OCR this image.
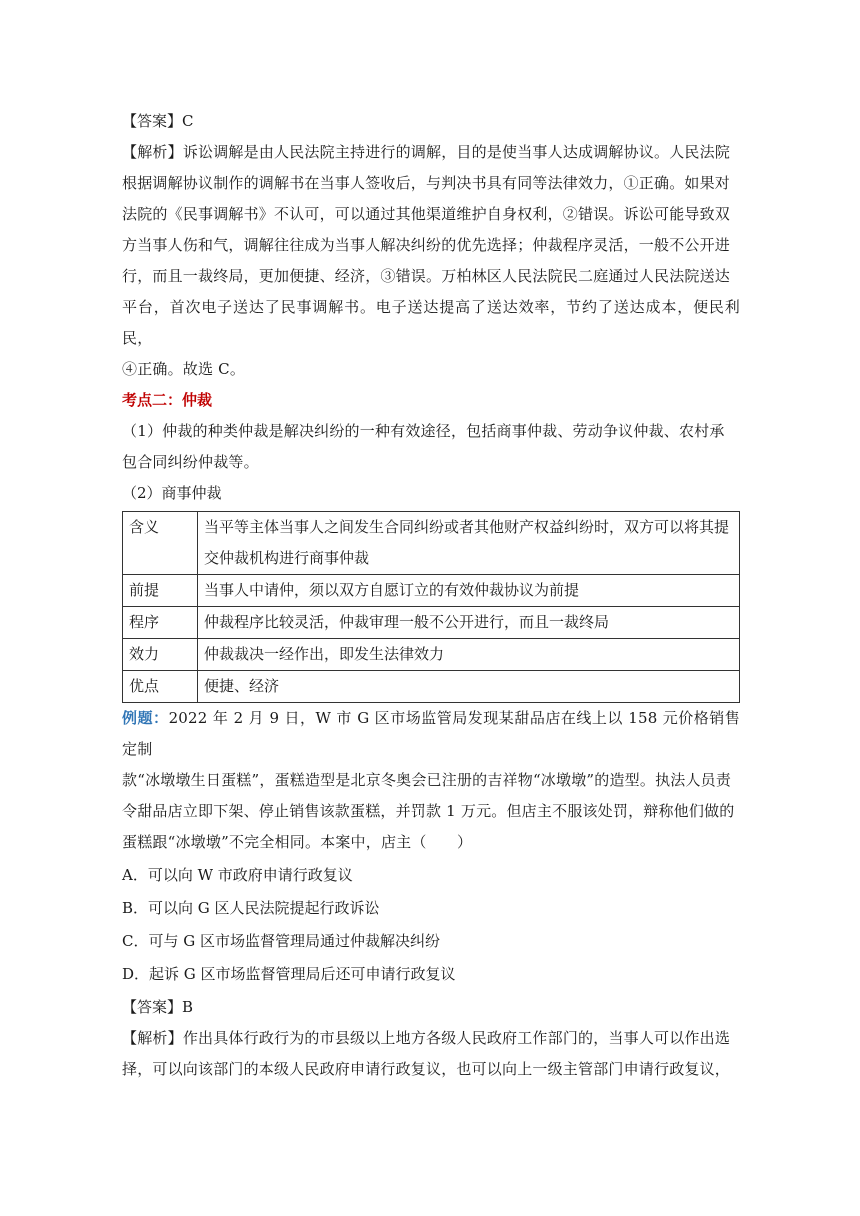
【答案】C

【解析】诉讼调解是由人民法院主持进行的调解，目的是使当事人达成调解协议。人民法院

根据调解协议制作的调解书在当事人签收后，与判决书具有同等法律效力，①正确。如果对

法院的《民事调解书》不认可，可以通过其他渠道维护自身权利，②错误。诉讼可能导致双

方当事人伤和气，调解往往成为当事人解决纠纷的优先选择；仲裁程序灵活，一般不公开进

行，而且一裁终局，更加便捷、经济，③错误。万柏林区人民法院民二庭通过人民法院送达

平台，首次电子送达了民事调解书。电子送达提高了送达效率，节约了送达成本，便民利民，

④正确。故选 C。

考点二：仲裁

（1）仲裁的种类仲裁是解决纠纷的一种有效途径，包括商事仲裁、劳动争议仲裁、农村承

包合同纠纷仲裁等。

（2）商事仲裁

含义	当平等主体当事人之间发生合同纠纷或者其他财产权益纠纷时，双方可以将其提
交仲裁机构进行商事仲裁

前提	当事人中请仲，须以双方自愿订立的有效仲裁协议为前提

程序	仲裁程序比较灵活，仲裁审理一般不公开进行，而且一裁终局

效力	仲裁裁决一经作出，即发生法律效力

优点	便捷、经济

例题：2022 年 2 月 9 日，W 市 G 区市场监管局发现某甜品店在线上以 158 元价格销售定制

款“冰墩墩生日蛋糕”，蛋糕造型是北京冬奥会已注册的吉祥物“冰墩墩”的造型。执法人员责

令甜品店立即下架、停止销售该款蛋糕，并罚款 1 万元。但店主不服该处罚，辩称他们做的

蛋糕跟“冰墩墩”不完全相同。本案中，店主（　　）

A．可以向 W 市政府申请行政复议

B．可以向 G 区人民法院提起行政诉讼

C．可与 G 区市场监督管理局通过仲裁解决纠纷

D．起诉 G 区市场监督管理局后还可申请行政复议

【答案】B

【解析】作出具体行政行为的市县级以上地方各级人民政府工作部门的，当事人可以作出选

择，可以向该部门的本级人民政府申请行政复议，也可以向上一级主管部门申请行政复议，
